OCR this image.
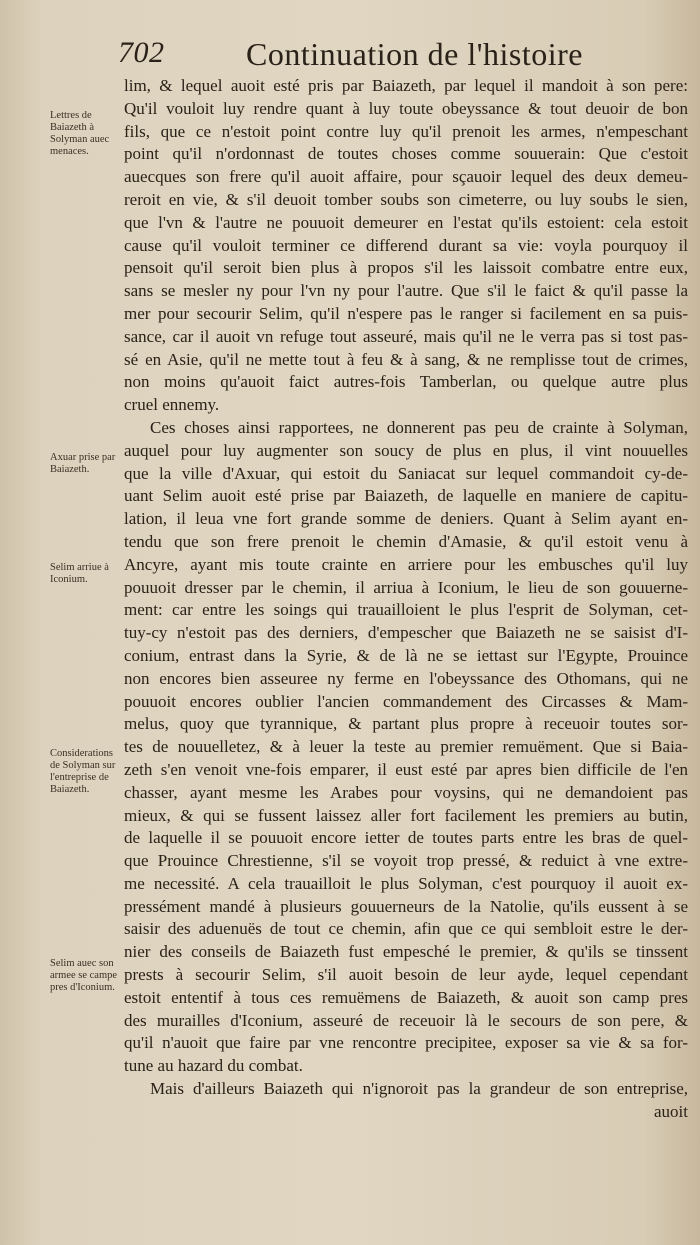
702	Continuation de l'histoire
Lettres de Baiazeth à Solyman auec menaces.
Axuar prise par Baiazeth.
Selim arriue à Iconium.
Considerations de Solyman sur l'entreprise de Baiazeth.
Selim auec son armee se campe pres d'Iconium.
lim, & lequel auoit esté pris par Baiazeth, par lequel il mandoit à son pere:
Qu'il vouloit luy rendre quant à luy toute obeyssance & tout deuoir de bon
fils, que ce n'estoit point contre luy qu'il prenoit les armes, n'empeschant
point qu'il n'ordonnast de toutes choses comme souuerain: Que c'estoit
auecques son frere qu'il auoit affaire, pour sçauoir lequel des deux demeu-
reroit en vie, & s'il deuoit tomber soubs son cimeterre, ou luy soubs le sien,
que l'vn & l'autre ne pouuoit demeurer en l'estat qu'ils estoient: cela estoit
cause qu'il vouloit terminer ce differend durant sa vie: voyla pourquoy il
pensoit qu'il seroit bien plus à propos s'il les laissoit combatre entre eux,
sans se mesler ny pour l'vn ny pour l'autre. Que s'il le faict & qu'il passe la
mer pour secourir Selim, qu'il n'espere pas le ranger si facilement en sa puis-
sance, car il auoit vn refuge tout asseuré, mais qu'il ne le verra pas si tost pas-
sé en Asie, qu'il ne mette tout à feu & à sang, & ne remplisse tout de crimes,
non moins qu'auoit faict autres-fois Tamberlan, ou quelque autre plus
cruel ennemy.
Ces choses ainsi rapportees, ne donnerent pas peu de crainte à Solyman,
auquel pour luy augmenter son soucy de plus en plus, il vint nouuelles
que la ville d'Axuar, qui estoit du Saniacat sur lequel commandoit cy-de-
uant Selim auoit esté prise par Baiazeth, de laquelle en maniere de capitu-
lation, il leua vne fort grande somme de deniers. Quant à Selim ayant en-
tendu que son frere prenoit le chemin d'Amasie, & qu'il estoit venu à
Ancyre, ayant mis toute crainte en arriere pour les embusches qu'il luy
pouuoit dresser par le chemin, il arriua à Iconium, le lieu de son gouuerne-
ment: car entre les soings qui trauailloient le plus l'esprit de Solyman, cet-
tuy-cy n'estoit pas des derniers, d'empescher que Baiazeth ne se saisist d'I-
conium, entrast dans la Syrie, & de là ne se iettast sur l'Egypte, Prouince
non encores bien asseuree ny ferme en l'obeyssance des Othomans, qui ne
pouuoit encores oublier l'ancien commandement des Circasses & Mam-
melus, quoy que tyrannique, & partant plus propre à receuoir toutes sor-
tes de nouuelletez, & à leuer la teste au premier remuëment. Que si Baia-
zeth s'en venoit vne-fois emparer, il eust esté par apres bien difficile de l'en
chasser, ayant mesme les Arabes pour voysins, qui ne demandoient pas
mieux, & qui se fussent laissez aller fort facilement les premiers au butin,
de laquelle il se pouuoit encore ietter de toutes parts entre les bras de quel-
que Prouince Chrestienne, s'il se voyoit trop pressé, & reduict à vne extre-
me necessité. A cela trauailloit le plus Solyman, c'est pourquoy il auoit ex-
pressément mandé à plusieurs gouuerneurs de la Natolie, qu'ils eussent à se
saisir des aduenuës de tout ce chemin, afin que ce qui sembloit estre le der-
nier des conseils de Baiazeth fust empesché le premier, & qu'ils se tinssent
prests à secourir Selim, s'il auoit besoin de leur ayde, lequel cependant
estoit ententif à tous ces remuëmens de Baiazeth, & auoit son camp pres
des murailles d'Iconium, asseuré de receuoir là le secours de son pere, &
qu'il n'auoit que faire par vne rencontre precipitee, exposer sa vie & sa for-
tune au hazard du combat.
Mais d'ailleurs Baiazeth qui n'ignoroit pas la grandeur de son entreprise,
auoit
